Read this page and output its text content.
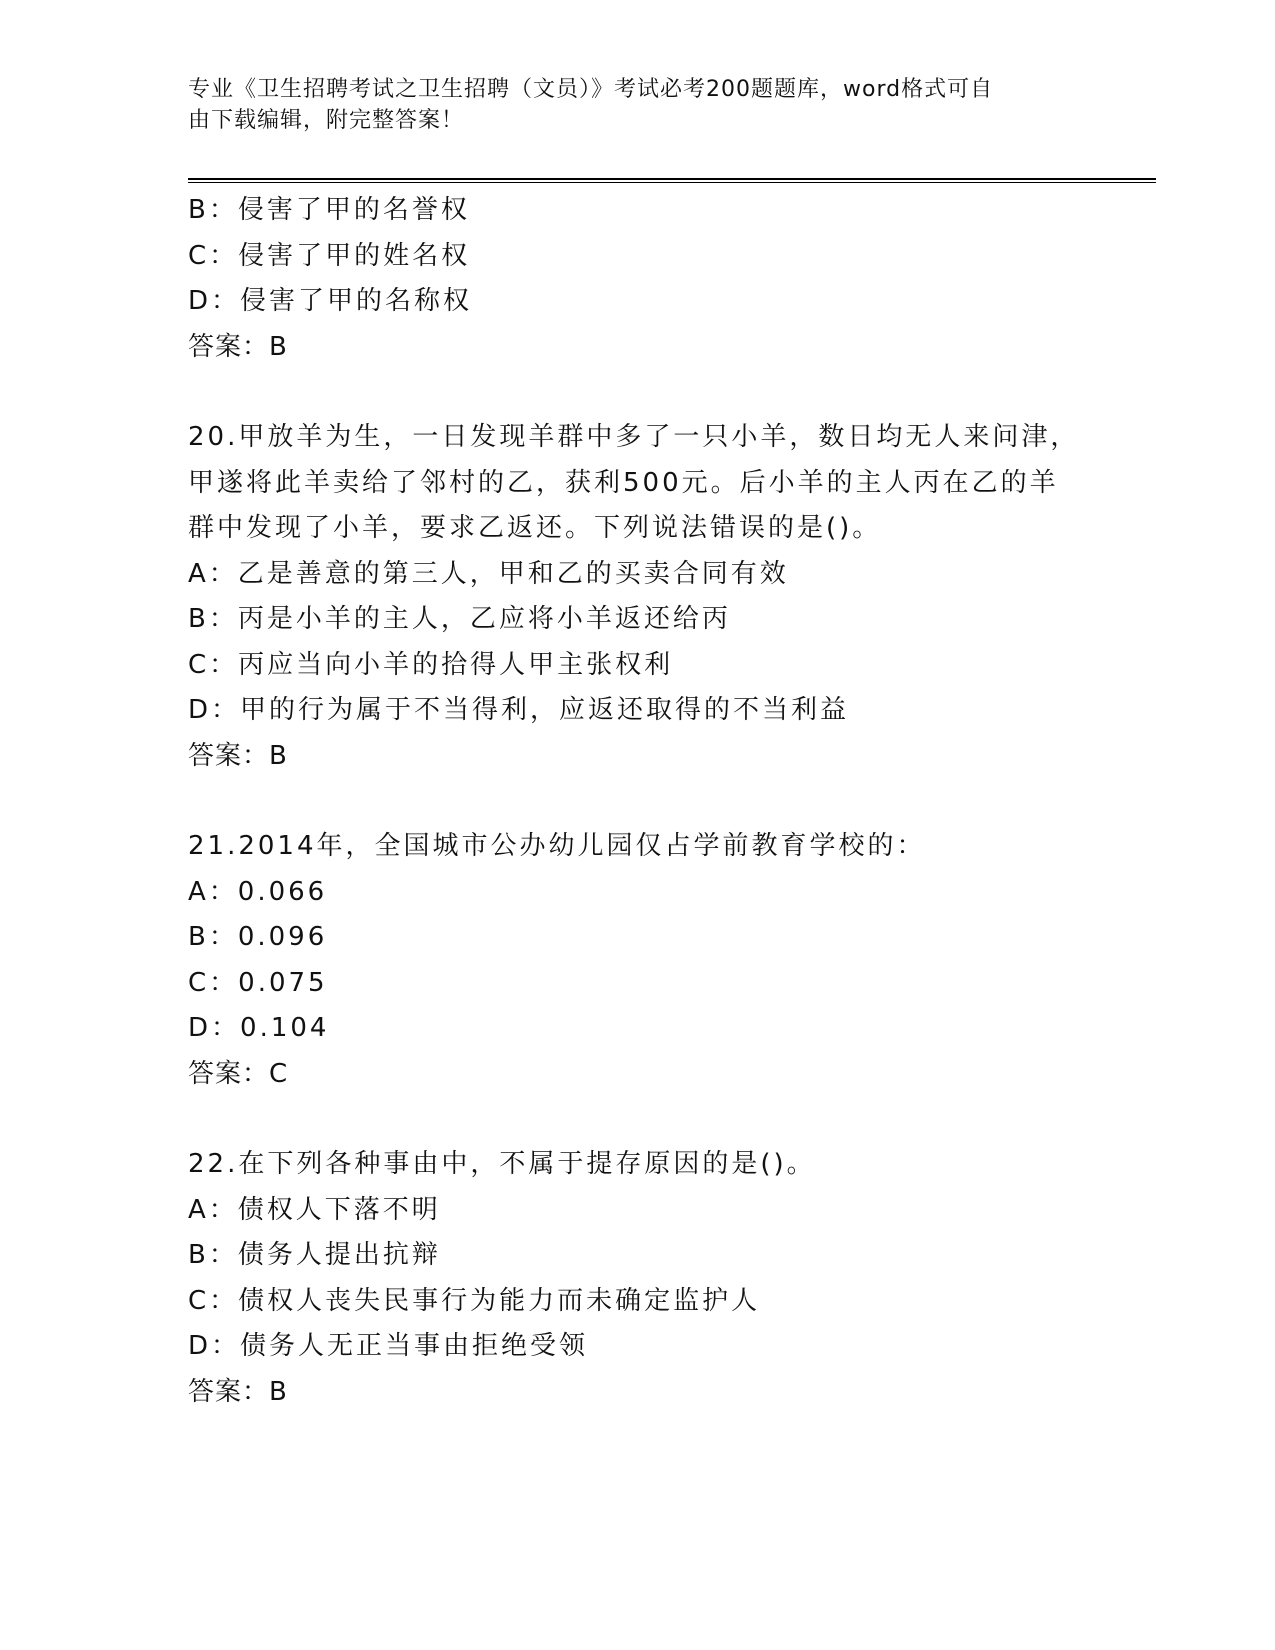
专业《卫生招聘考试之卫生招聘（文员）》考试必考200题题库，word格式可自
由下载编辑，附完整答案！
B：侵害了甲的名誉权
C：侵害了甲的姓名权
D：侵害了甲的名称权
答案：B
20.甲放羊为生，一日发现羊群中多了一只小羊，数日均无人来问津，
甲遂将此羊卖给了邻村的乙，获利500元。后小羊的主人丙在乙的羊
群中发现了小羊，要求乙返还。下列说法错误的是()。
A：乙是善意的第三人，甲和乙的买卖合同有效
B：丙是小羊的主人，乙应将小羊返还给丙
C：丙应当向小羊的拾得人甲主张权利
D：甲的行为属于不当得利，应返还取得的不当利益
答案：B
21.2014年，全国城市公办幼儿园仅占学前教育学校的：
A：0.066
B：0.096
C：0.075
D：0.104
答案：C
22.在下列各种事由中，不属于提存原因的是()。
A：债权人下落不明
B：债务人提出抗辩
C：债权人丧失民事行为能力而未确定监护人
D：债务人无正当事由拒绝受领
答案：B
